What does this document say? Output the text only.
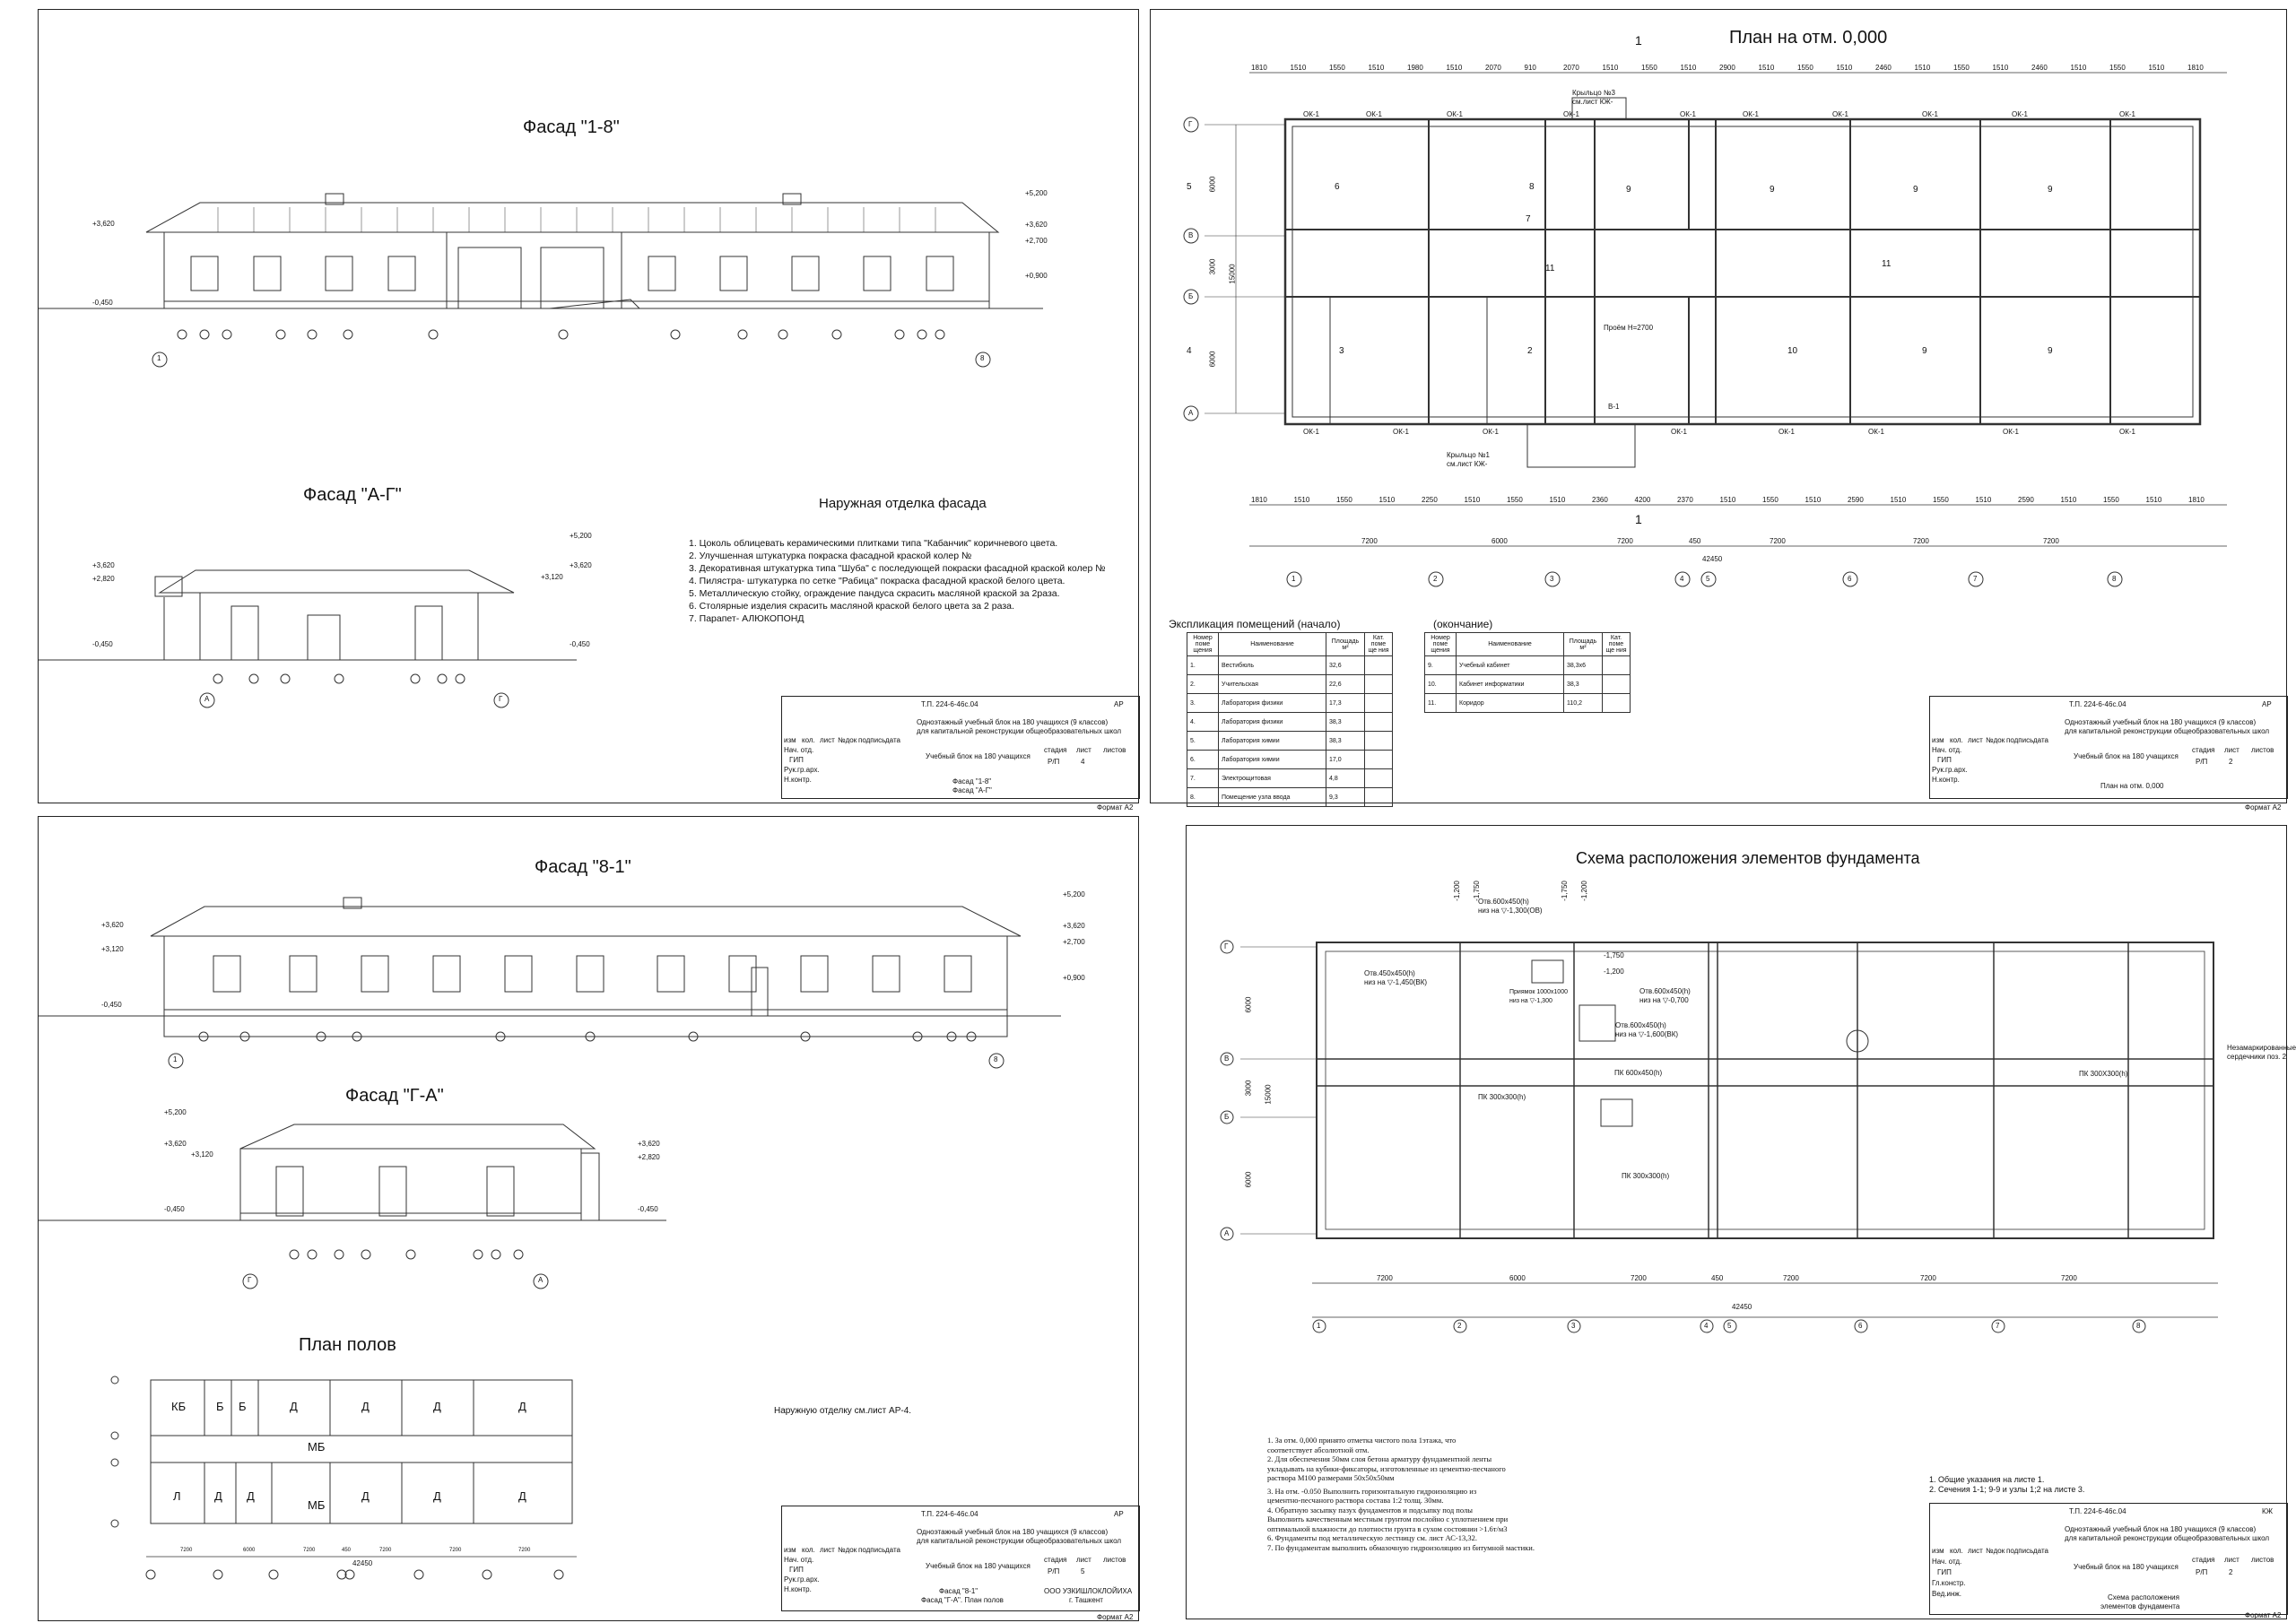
Фасад "1-8"
+5,200
+3,620
+2,700
+0,900
+3,620
-0,450
1	8
Фасад "А-Г"
+5,200
+3,620
+3,120
+3,620
+2,820
-0,450	-0,450
А	Г
Наружная отделка фасада
1. Цоколь облицевать керамическими плитками типа "Кабанчик" коричневого цвета.
2. Улучшенная штукатурка покраска фасадной краской колер №
3. Декоративная штукатурка типа "Шуба" с последующей покраски фасадной краской колер №
4. Пилястра- штукатурка по сетке "Рабица" покраска фасадной краской белого цвета.
5. Металлическую стойку, ограждение пандуса скрасить масляной краской за 2раза.
6. Столярные изделия скрасить масляной краской белого цвета за 2 раза.
7. Парапет- АЛЮКОПОНД
Т.П. 224-6-46с.04	АР
Одноэтажный учебный блок на 180 учащихся (9 классов)
для капитальной реконструкции общеобразовательных школ
изм кол. лист №док подпись дата
Нач. отд.
ГИП
Рук.гр.арх.
Н.контр.
Учебный блок на 180 учащихся
стадия лист листов
Р/П	4
Фасад "1-8"
Фасад "А-Г"
Формат А2
План на отм. 0,000
1
1
1810	1510	1550	1510	1980	1510	2070	910	2070	1510	1550	1510	2900	1510	1550	1510	2460	1510	1550	1510	2460	1510	1550	1510	1810
1810	1510	1550	1510	2250	1510	1550	1510	2360	4200	2370	1510	1550	1510	2590	1510	1550	1510	2590	1510	1550	1510	1810
7200	6000	7200	450	7200	7200	7200
42450
1	2	3	4	5	6	7	8
Г
В
Б
А
6000
3000
6000
15000
5	6	8
7
9	9	9	9
4	3	2	10	9	9
11	11
ОК-1	ОК-1	ОК-1	ОК-1	ОК-1	ОК-1	ОК-1	ОК-1	ОК-1	ОК-1
ОК-1	ОК-1	ОК-1	ОК-1	ОК-1	ОК-1	ОК-1	ОК-1
Крыльцо №3
см.лист КЖ-
Крыльцо №1
см.лист КЖ-
Проём Н=2700
В-1
Экспликация помещений (начало)	(окончание)
Номер поме щения	Наименование	Площадь м²	Кат. поме ще ния
1.	Вестибюль	32,6	
2.	Учительская	22,6	
3.	Лаборатория физики	17,3	
4.	Лаборатория физики	38,3	
5.	Лаборатория химии	38,3	
6.	Лаборатория химии	17,0	
7.	Электрощитовая	4,8	
8.	Помещение узла ввода	9,3	
Номер поме щения	Наименование	Площадь м²	Кат. поме ще ния
9.	Учебный кабинет	38,3х6	
10.	Кабинет информатики	38,3	
11.	Коридор	110,2		Т.П. 224-6-46с.04	АР
Одноэтажный учебный блок на 180 учащихся (9 классов)
для капитальной реконструкции общеобразовательных школ
изм кол. лист №док подпись дата
Нач. отд.
ГИП
Рук.гр.арх.
Н.контр.
Учебный блок на 180 учащихся
стадия лист листов
Р/П	2
План на отм. 0,000
Формат А2
Фасад "8-1"
+5,200
+3,620
+2,700
+0,900
+3,620
+3,120
-0,450
8
1
Фасад "Г-А"
+5,200
+3,620
+3,120
+3,620
+2,820
-0,450	-0,450
Г	А
План полов
КБ	Б Б	Д	Д	Д	Д
МБ
Л	Д Д
МБ
Д	Д	Д
7200	6000	7200	450	7200	7200	7200
42450
Наружную отделку см.лист АР-4.
Т.П. 224-6-46с.04	АР
Одноэтажный учебный блок на 180 учащихся (9 классов)
для капитальной реконструкции общеобразовательных школ
изм кол. лист №док подпись дата
Нач. отд.
ГИП
Рук.гр.арх.
Н.контр.
Учебный блок на 180 учащихся
стадия лист листов
Р/П	5
Фасад "8-1"
Фасад "Г-А". План полов
ООО УЗКИШЛОКЛОЙИХА
г. Ташкент
Формат А2
Схема расположения элементов фундамента
1	2	3	4	5	6	7	8
Г
В
Б
А
6000
3000
6000
15000
Отв.600х450(h)
низ на ▽-1,300(ОВ)
Отв.450х450(h)
низ на ▽-1,450(ВК)
Отв.600х450(h)
низ на ▽-0,700
Отв.600х450(h)
низ на ▽-1,600(ВК)
Приямок 1000х1000
низ на ▽-1,300
ПК 600х450(h)
ПК 300х300(h)
ПК 300х300(h)
ПК 300Х300(h)
Незамаркированные
сердечники поз. 2
-1,200 -1,750	-1,750 -1,200
-1,750
-1,200
7200	6000	7200	450	7200	7200	7200
42450
1. За отм. 0,000 принято отметка чистого пола 1этажа, что
соответствует абсолютной отм.
2. Для обеспечения 50мм слоя бетона арматуру фундаментной ленты
укладывать на кубики-фиксаторы, изготовленные из цементно-песчаного
раствора М100 размерами 50х50х50мм
3. На отм. -0.050 Выполнить горизонтальную гидроизоляцию из
цементно-песчаного раствора состава 1:2 толщ. 30мм.
4. Обратную засыпку пазух фундаментов и подсыпку под полы
Выполнить качественным местным грунтом послойно с уплотнением при
оптимальной влажности до плотности грунта в сухом состоянии >1.6т/м3
6. Фундаменты под металлическую лестницу см. лист АС-13,32.
7. По фундаментам выполнить обмазочную гидроизоляцию из битумной мастики.
1. Общие указания на листе 1.
2. Сечения 1-1; 9-9 и узлы 1;2 на листе 3.
Т.П. 224-6-46с.04	КЖ
Одноэтажный учебный блок на 180 учащихся (9 классов)
для капитальной реконструкции общеобразовательных школ
изм кол. лист №док подпись дата
Нач. отд.
ГИП
Гл.констр.
Вед.инж.
Учебный блок на 180 учащихся
стадия лист листов
Р/П	2
Схема расположения
элементов фундамента
Формат А2
